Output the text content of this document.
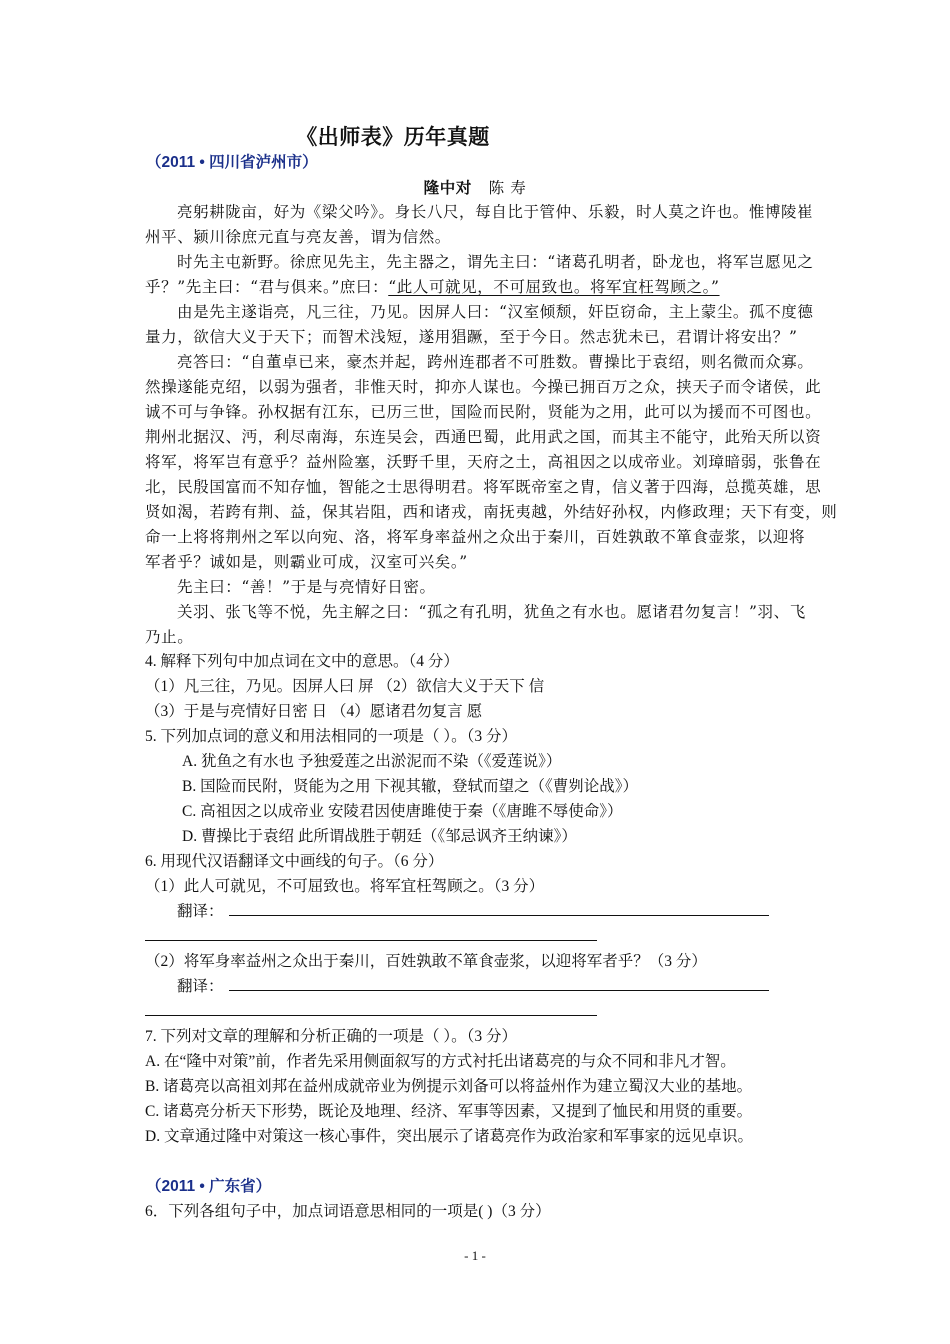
《出师表》历年真题
（2011 • 四川省泸州市）
隆中对 陈 寿
亮躬耕陇亩，好为《梁父吟》。身长八尺，每自比于管仲、乐毅，时人莫之许也。惟博陵崔
州平、颍川徐庶元直与亮友善，谓为信然。
时先主屯新野。徐庶见先主，先主器之，谓先主曰：“诸葛孔明者，卧龙也，将军岂愿见之
乎？”先主曰：“君与俱来。”庶曰：“此人可就见，不可屈致也。将军宜枉驾顾之。”
由是先主遂诣亮，凡三往，乃见。因屏人曰：“汉室倾颓，奸臣窃命，主上蒙尘。孤不度德
量力，欲信大义于天下；而智术浅短，遂用猖蹶，至于今日。然志犹未已，君谓计将安出？”
亮答曰：“自董卓已来，豪杰并起，跨州连郡者不可胜数。曹操比于袁绍，则名微而众寡。
然操遂能克绍，以弱为强者，非惟天时，抑亦人谋也。今操已拥百万之众，挟天子而令诸侯，此
诚不可与争锋。孙权据有江东，已历三世，国险而民附，贤能为之用，此可以为援而不可图也。
荆州北据汉、沔，利尽南海，东连吴会，西通巴蜀，此用武之国，而其主不能守，此殆天所以资
将军，将军岂有意乎？益州险塞，沃野千里，天府之土，高祖因之以成帝业。刘璋暗弱，张鲁在
北，民殷国富而不知存恤，智能之士思得明君。将军既帝室之胄，信义著于四海，总揽英雄，思
贤如渴，若跨有荆、益，保其岩阻，西和诸戎，南抚夷越，外结好孙权，内修政理；天下有变，则
命一上将将荆州之军以向宛、洛，将军身率益州之众出于秦川，百姓孰敢不箪食壶浆，以迎将
军者乎？诚如是，则霸业可成，汉室可兴矣。”
先主曰：“善！”于是与亮情好日密。
关羽、张飞等不悦，先主解之曰：“孤之有孔明，犹鱼之有水也。愿诸君勿复言！”羽、飞
乃止。
4. 解释下列句中加点词在文中的意思。（4 分）
（1）凡三往，乃见。因屏人曰 屏 （2）欲信大义于天下 信
（3）于是与亮情好日密 日 （4）愿诸君勿复言 愿
5. 下列加点词的意义和用法相同的一项是（ ）。（3 分）
A. 犹鱼之有水也 予独爱莲之出淤泥而不染（《爱莲说》）
B. 国险而民附，贤能为之用 下视其辙，登轼而望之（《曹刿论战》）
C. 高祖因之以成帝业 安陵君因使唐雎使于秦（《唐雎不辱使命》）
D. 曹操比于袁绍 此所谓战胜于朝廷（《邹忌讽齐王纳谏》）
6. 用现代汉语翻译文中画线的句子。（6 分）
（1）此人可就见，不可屈致也。将军宜枉驾顾之。（3 分）
翻译：
（2）将军身率益州之众出于秦川，百姓孰敢不箪食壶浆，以迎将军者乎？（3 分）
翻译：
7. 下列对文章的理解和分析正确的一项是（ ）。（3 分）
A. 在“隆中对策”前，作者先采用侧面叙写的方式衬托出诸葛亮的与众不同和非凡才智。
B. 诸葛亮以高祖刘邦在益州成就帝业为例提示刘备可以将益州作为建立蜀汉大业的基地。
C. 诸葛亮分析天下形势，既论及地理、经济、军事等因素，又提到了恤民和用贤的重要。
D. 文章通过隆中对策这一核心事件，突出展示了诸葛亮作为政治家和军事家的远见卓识。
（2011 • 广东省）
6．下列各组句子中，加点词语意思相同的一项是( )（3 分）
- 1 -
